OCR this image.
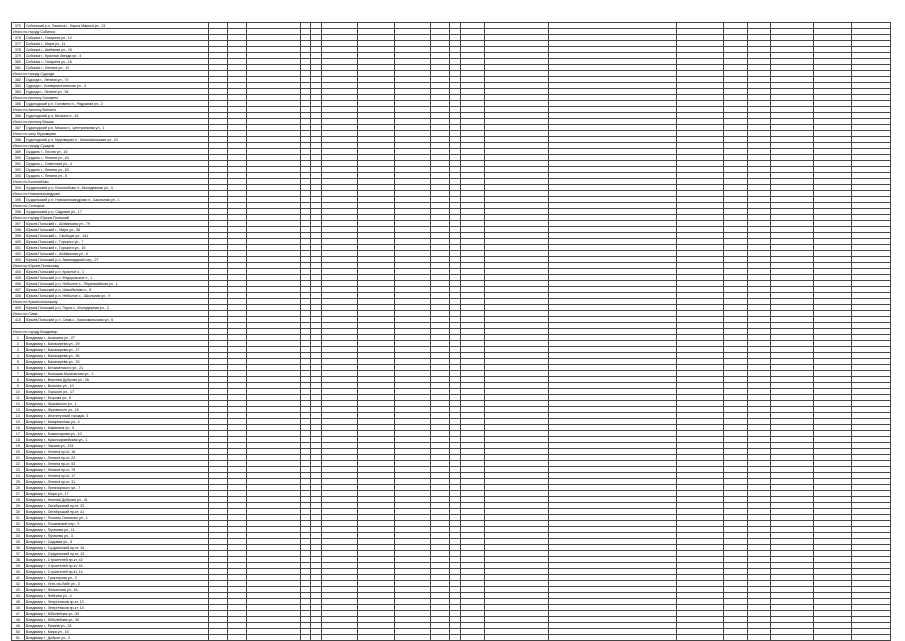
375	Собинский р-н, Лакинск г., Карла Маркса ул., 21																			
Итого по городу Собинка																				
376	Собинка г., Гагарина ул., 12																			
377	Собинка г., Мира ул., 11																			
378	Собинка г., Шибаева ул., 10																			
379	Собинка г., Красная Звезда ул., 4																			
380	Собинка г., Гагарина ул., 16																			
381	Собинка г., Ленина ул., 12																			
Итого по городу Судогда																				
382	Судогда г., Ленина ул., 70																			
383	Судогда г., Коммунистическая ул., 3																			
384	Судогда г., Ленина ул., 94																			
Итого по поселку Головино																				
385	Судогодский р-н, Головино п., Радужная ул., 2																			
Итого по поселку Вяткино																				
386	Судогодский р-н, Вяткино п., 44																			
Итого по поселку Мошок																				
387	Судогодский р-н, Мошок п., Центральная ул., 1																			
Итого по селу Муромцево																				
388	Судогодский р-н, Муромцево п., Комсомольская ул., 22																			
Итого по городу Суздаль																				
389	Суздаль г., Гоголя ул., 15																			
390	Суздаль г., Ленина ул., 64																			
391	Суздаль г., Советская ул., 4																			
392	Суздаль г., Ленина ул., 63																			
393	Суздаль г., Ленина ул., 5																			
Итого по Боголюбово																				
394	Суздальский р-н, Боголюбово п., Молодежная ул., 3																			
Итого по Новоалександрово																				
395	Суздальский р-н, Новоалександрово п., Школьная ул., 1																			
Итого по Селецкое																				
396	Суздальский р-н, Садовая ул., 17																			
Итого по городу Юрьев-Польский																				
397	Юрьев-Польский г., Шибанкова ул., 79																			
398	Юрьев-Польский г., Мира ул., 36																			
399	Юрьев-Польский г., Свободы ул., 141																			
400	Юрьев-Польский г., Горького ул., 7																			
401	Юрьев-Польский г., Горького ул., 15																			
402	Юрьев-Польский г., Шибанкова ул., 6																			
403	Юрьев-Польский р-н, Авангардный пер., 27																			
Итого по Юрьев-Польскому																				
404	Юрьев-Польский р-н, Красное с., 1																			
405	Юрьев-Польский р-н, Федоровское с., 1																			
406	Юрьев-Польский р-н, Небылое с., Первомайская ул., 1																			
407	Юрьев-Польский р-н, Шихобалово с., 8																			
408	Юрьев-Польский р-н, Небылое с., Школьная ул., 9																			
Итого по Красносельскому																				
409	Юрьев-Польский р-н, Горки с., Молодежная ул., 2																			
Итого по Сима																				
410	Юрьев-Польский р-н, Сима с., Комсомольская ул., 6																			

Итого по городу Владимир																				
1	Владимир г., Асаткина ул., 27																			
2	Владимир г., Балакирева ул., 29																			
3	Владимир г., Балакирева ул., 27																			
4	Владимир г., Балакирева ул., 35																			
5	Владимир г., Балакирева ул., 33																			
6	Владимир г., Безыменского ул., 21																			
7	Владимир г., Большая Московская ул., 1																			
8	Владимир г., Верхняя Дуброва ул., 26																			
9	Владимир г., Всполье ул., 10																			
10	Владимир г., Горького ул., 17																			
11	Владимир г., Егорова ул., 6																			
12	Владимир г., Жуковского ул., 1																			
13	Владимир г., Жуковского ул., 15																			
14	Владимир г., Институтский городок, 3																			
15	Владимир г., Казарменная ул., 4																			
16	Владимир г., Каманина ул., 9																			
17	Владимир г., Комиссарова ул., 10																			
18	Владимир г., Красноармейская ул., 1																			
19	Владимир г., Лакина ул., 131																			
20	Владимир г., Ленина пр-кт, 16																			
21	Владимир г., Ленина пр-кт, 23																			
22	Владимир г., Ленина пр-кт, 53																			
23	Владимир г., Ленина пр-кт, 75																			
24	Владимир г., Ленина пр-кт, 17																			
25	Владимир г., Ленина пр-кт, 31																			
26	Владимир г., Луначарского ул., 7																			
27	Владимир г., Мира ул., 17																			
28	Владимир г., Нижняя Дуброва ул., 41																			
29	Владимир г., Октябрьский пр-кт, 33																			
30	Владимир г., Октябрьский пр-кт, 41																			
31	Владимир г., Полины Осипенко ул., 1																			
32	Владимир г., Почаевский пер., 9																			
33	Владимир г., Пугачева ул., 11																			
34	Владимир г., Пугачева ул., 3																			
35	Владимир г., Садовая ул., 6																			
36	Владимир г., Суздальский пр-кт, 15																			
37	Владимир г., Суздальский пр-кт, 13																			
38	Владимир г., Строителей пр-кт, 42																			
39	Владимир г., Строителей пр-кт, 44																			
40	Владимир г., Строителей пр-кт, 14																			
41	Владимир г., Тракторная ул., 3																			
42	Владимир г., Усти-на-Лабе ул., 3																			
43	Владимир г., Фатьянова ул., 16																			
44	Владимир г., Фейгина ул., 4																			
45	Владимир г., Энергетиков пр-кт, 12																			
46	Владимир г., Энергетиков пр-кт, 14																			
47	Владимир г., Юбилейная ул., 52																			
48	Владимир г., Юбилейная ул., 50																			
49	Владимир г., Разина ул., 24																			
50	Владимир г., Мира ул., 15																			
51	Владимир г., Доброе ул., 2																			
